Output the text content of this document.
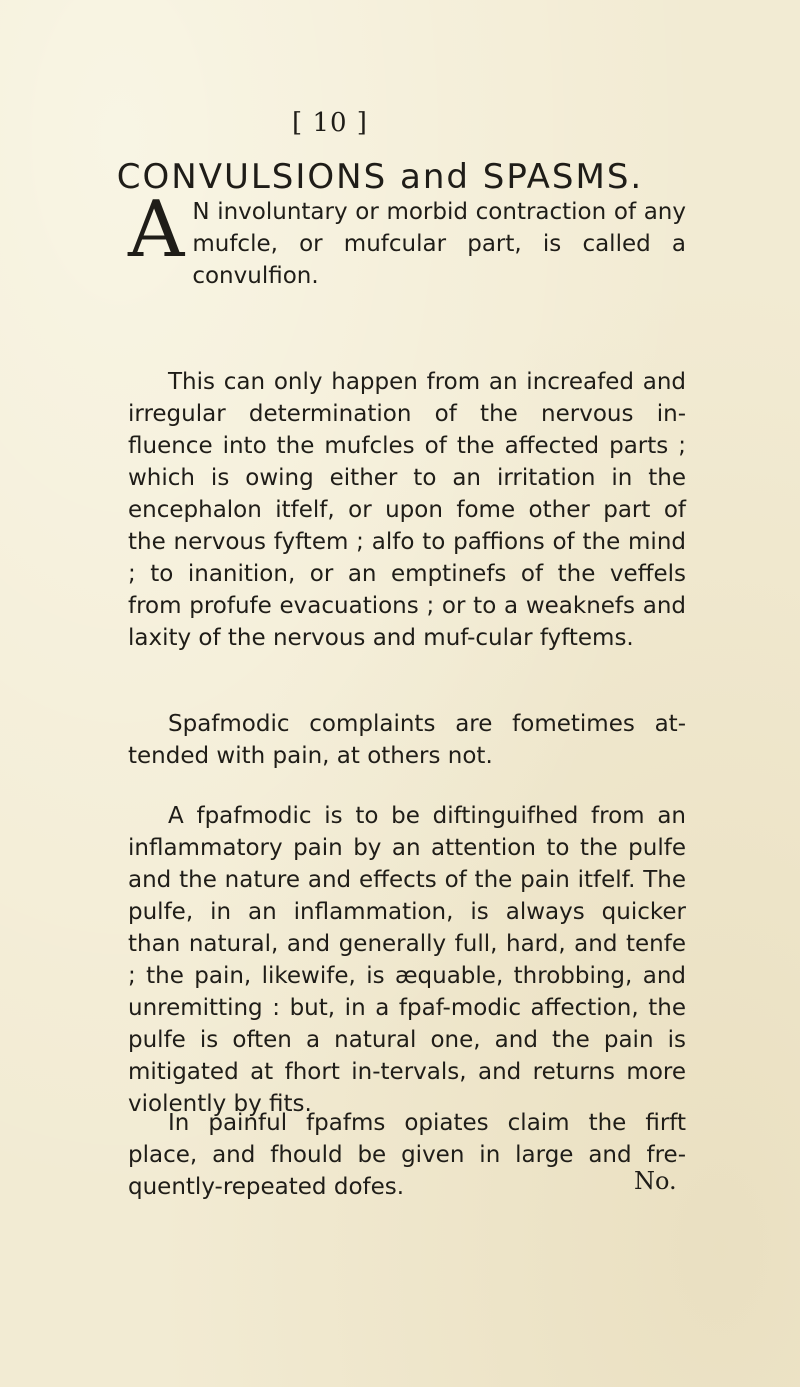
[ 10 ]
CONVULSIONS and SPASMS.
A N involuntary or morbid contraction of any mufcle, or mufcular part, is called a convulfion.
This can only happen from an increafed and irregular determination of the nervous in-fluence into the mufcles of the affected parts ; which is owing either to an irritation in the encephalon itfelf, or upon fome other part of the nervous fyftem ; alfo to paffions of the mind ; to inanition, or an emptinefs of the veffels from profufe evacuations ; or to a weaknefs and laxity of the nervous and muf-cular fyftems.
Spafmodic complaints are fometimes at-tended with pain, at others not.
A fpafmodic is to be diftinguifhed from an inflammatory pain by an attention to the pulfe and the nature and effects of the pain itfelf. The pulfe, in an inflammation, is always quicker than natural, and generally full, hard, and tenfe ; the pain, likewife, is æquable, throbbing, and unremitting : but, in a fpaf-modic affection, the pulfe is often a natural one, and the pain is mitigated at fhort in-tervals, and returns more violently by fits.
In painful fpafms opiates claim the firft place, and fhould be given in large and fre-quently-repeated dofes.	No.
